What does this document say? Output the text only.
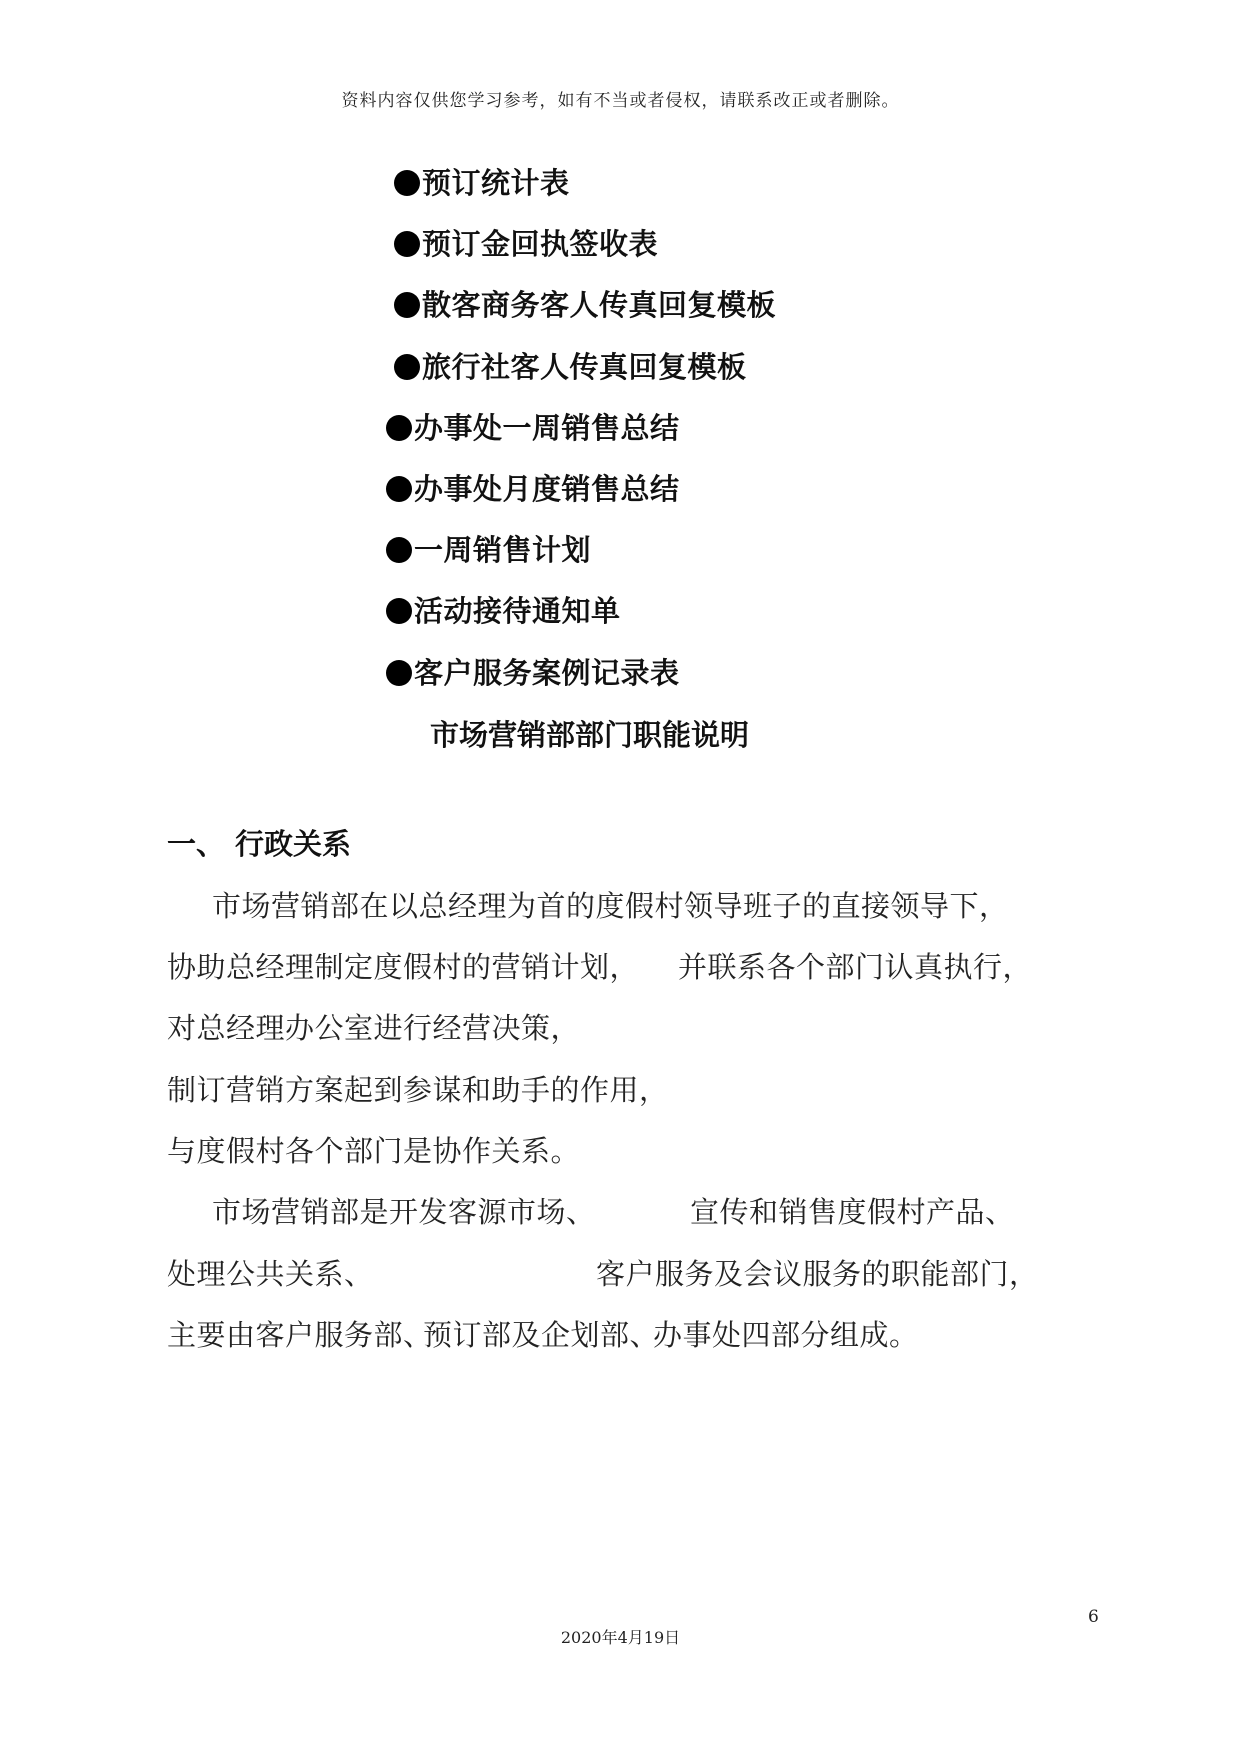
资料内容仅供您学习参考，如有不当或者侵权，请联系改正或者删除。
预订统计表
预订金回执签收表
散客商务客人传真回复模板
旅行社客人传真回复模板
办事处一周销售总结
办事处月度销售总结
一周销售计划
活动接待通知单
客户服务案例记录表
市场营销部部门职能说明
一、 行政关系
市场营销部在以总经理为首的度假村领导班子的直接领导下，
协助总经理制定度假村的营销计划， 并联系各个部门认真执行，
对总经理办公室进行经营决策，
制订营销方案起到参谋和助手的作用，
与度假村各个部门是协作关系。
市场营销部是开发客源市场、	宣传和销售度假村产品、
处理公共关系、	客户服务及会议服务的职能部门，
主要由客户服务部、
预订部及企划部、
办事处四部分组成。
6
2020年4月19日
